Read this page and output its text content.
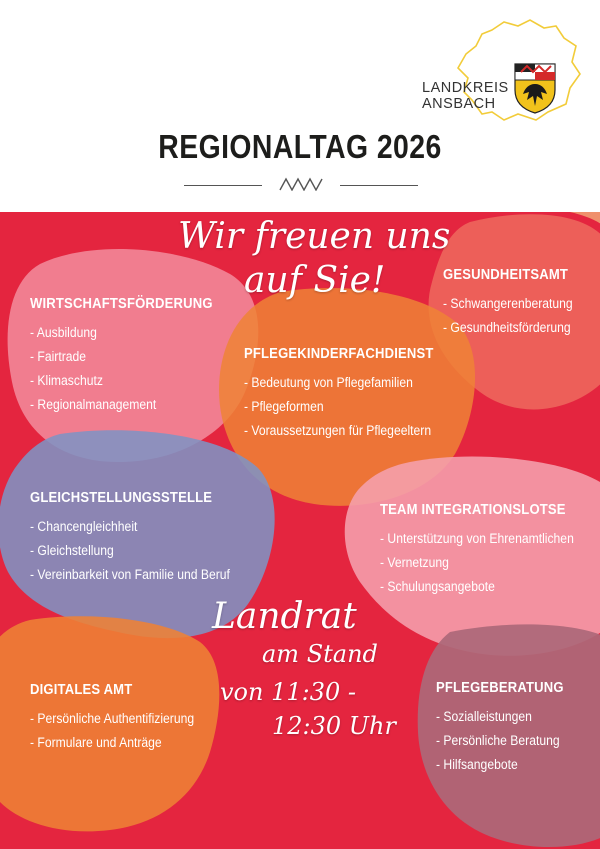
LANDKREIS
ANSBACH
REGIONALTAG 2026
Wir freuen uns
auf Sie!
WIRTSCHAFTSFÖRDERUNG
- Ausbildung
- Fairtrade
- Klimaschutz
- Regionalmanagement
GESUNDHEITSAMT
- Schwangerenberatung
- Gesundheitsförderung
PFLEGEKINDERFACHDIENST
- Bedeutung von Pflegefamilien
- Pflegeformen
- Voraussetzungen für Pflegeeltern
GLEICHSTELLUNGSSTELLE
- Chancengleichheit
- Gleichstellung
- Vereinbarkeit von Familie und Beruf
TEAM INTEGRATIONSLOTSE
- Unterstützung von Ehrenamtlichen
- Vernetzung
- Schulungsangebote
DIGITALES AMT
- Persönliche Authentifizierung
- Formulare und Anträge
PFLEGEBERATUNG
- Sozialleistungen
- Persönliche Beratung
- Hilfsangebote
Landrat
am Stand
von 11:30 -
12:30 Uhr
